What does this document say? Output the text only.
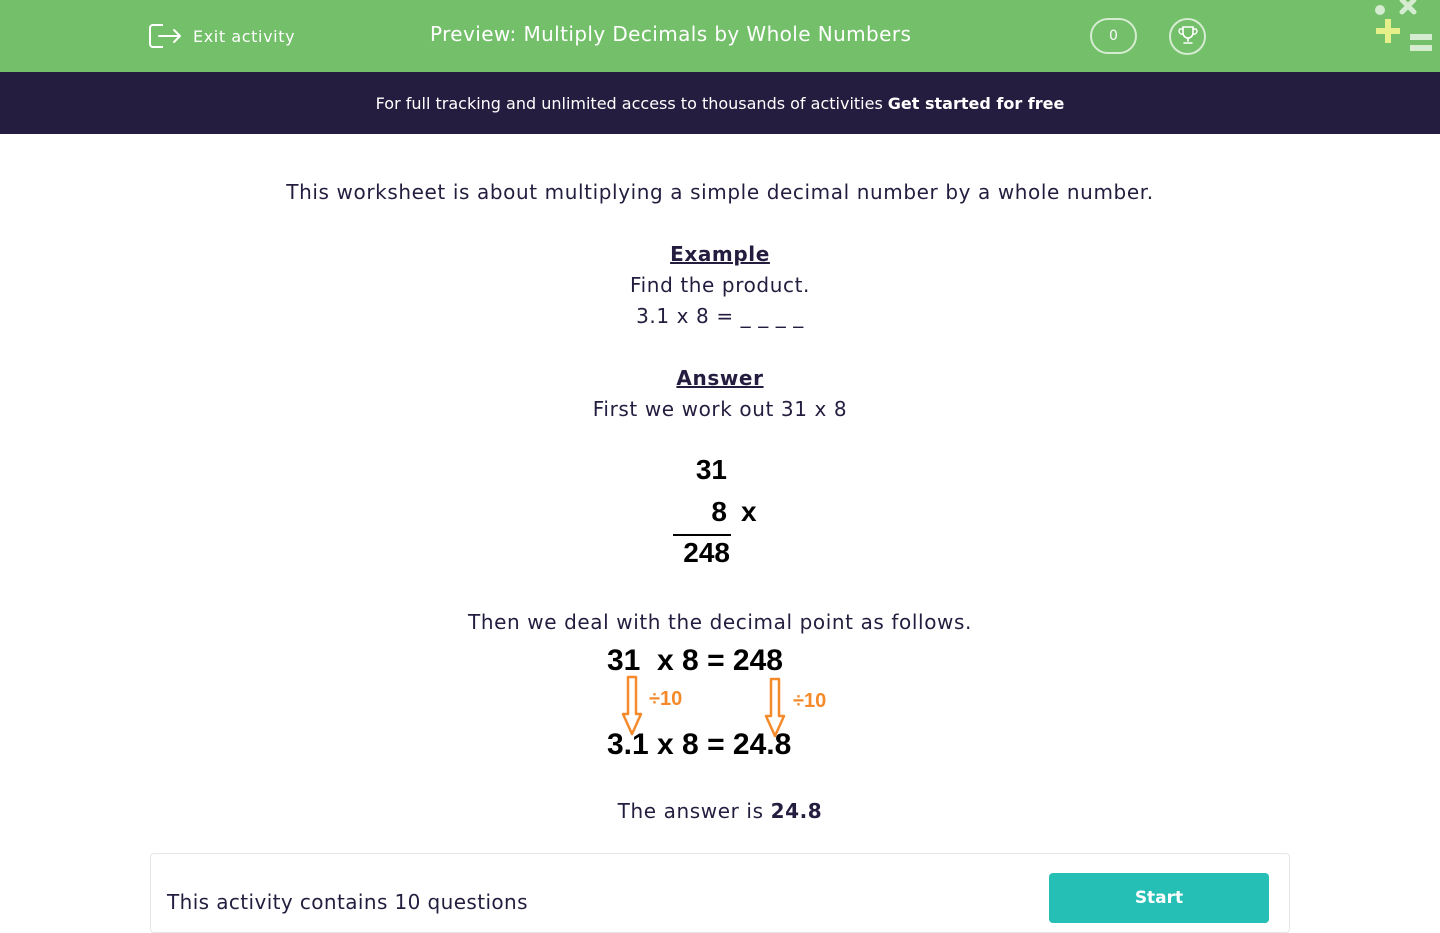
Exit activity	Preview: Multiply Decimals by Whole Numbers	0
For full tracking and unlimited access to thousands of activities Get started for free
This worksheet is about multiplying a simple decimal number by a whole number.
Example
Find the product.
3.1 x 8 = _ _ _ _
Answer
First we work out 31 x 8
31
8 x
248
Then we deal with the decimal point as follows.
31  x 8 = 248
÷10	÷10
3.1 x 8 = 24.8
The answer is 24.8
This activity contains 10 questions	Start
